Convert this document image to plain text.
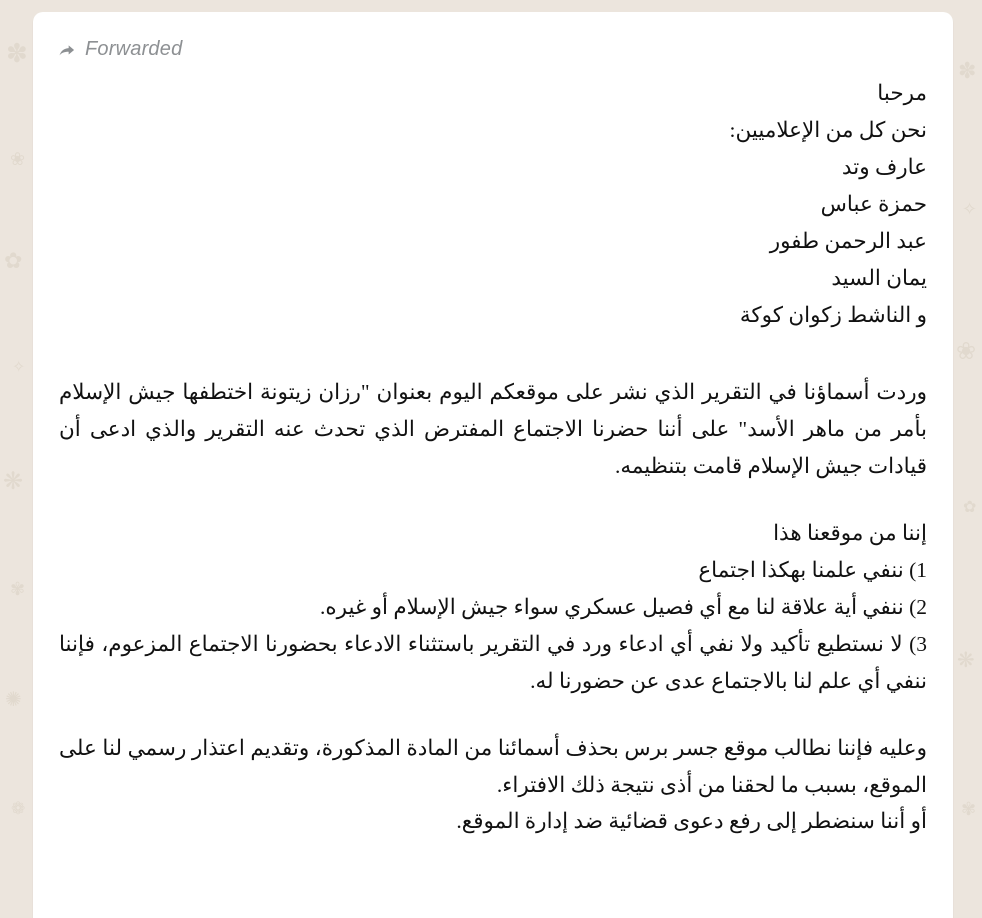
✽
❀
✿
✧
❋
✾
✺
❁
✽
✧
❀
✿
❋
✾
Forwarded

مرحبا

نحن كل من الإعلاميين:

عارف وتد

حمزة عباس

عبد الرحمن طفور

يمان السيد

و الناشط زكوان كوكة

وردت أسماؤنا في التقرير الذي نشر على موقعكم اليوم بعنوان "رزان زيتونة اختطفها جيش الإسلام بأمر من ماهر الأسد" على أننا حضرنا الاجتماع المفترض الذي تحدث عنه التقرير والذي ادعى أن قيادات جيش الإسلام قامت بتنظيمه.

إننا من موقعنا هذا

1) ننفي علمنا بهكذا اجتماع

2) ننفي أية علاقة لنا مع أي فصيل عسكري سواء جيش الإسلام أو غيره.

3) لا نستطيع تأكيد ولا نفي أي ادعاء ورد في التقرير باستثناء الادعاء بحضورنا الاجتماع المزعوم، فإننا ننفي أي علم لنا بالاجتماع عدى عن حضورنا له.

وعليه فإننا نطالب موقع جسر برس بحذف أسمائنا من المادة المذكورة، وتقديم اعتذار رسمي لنا على الموقع، بسبب ما لحقنا من أذى نتيجة ذلك الافتراء.

أو أننا سنضطر إلى رفع دعوى قضائية ضد إدارة الموقع.
